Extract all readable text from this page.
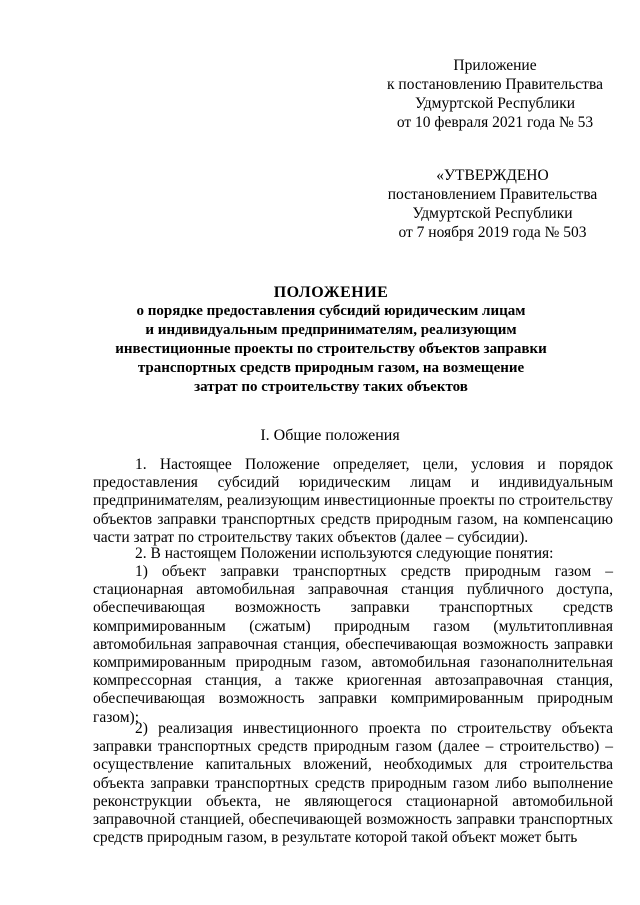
Приложение
к постановлению Правительства
Удмуртской Республики
от 10 февраля 2021 года № 53
«УТВЕРЖДЕНО
постановлением Правительства
Удмуртской Республики
от 7 ноября 2019 года № 503
ПОЛОЖЕНИЕ
о порядке предоставления субсидий юридическим лицам
и индивидуальным предпринимателям, реализующим
инвестиционные проекты по строительству объектов заправки
транспортных средств природным газом, на возмещение
затрат по строительству таких объектов
I. Общие положения
1. Настоящее Положение определяет, цели, условия и порядок предоставления субсидий юридическим лицам и индивидуальным предпринимателям, реализующим инвестиционные проекты по строительству объектов заправки транспортных средств природным газом, на компенсацию части затрат по строительству таких объектов (далее – субсидии).
2. В настоящем Положении используются следующие понятия:
1) объект заправки транспортных средств природным газом – стационарная автомобильная заправочная станция публичного доступа, обеспечивающая возможность заправки транспортных средств компримированным (сжатым) природным газом (мультитопливная автомобильная заправочная станция, обеспечивающая возможность заправки компримированным природным газом, автомобильная газонаполнительная компрессорная станция, а также криогенная автозаправочная станция, обеспечивающая возможность заправки компримированным природным газом);
2) реализация инвестиционного проекта по строительству объекта заправки транспортных средств природным газом (далее – строительство) – осуществление капитальных вложений, необходимых для строительства объекта заправки транспортных средств природным газом либо выполнение реконструкции объекта, не являющегося стационарной автомобильной заправочной станцией, обеспечивающей возможность заправки транспортных средств природным газом, в результате которой такой объект может быть
